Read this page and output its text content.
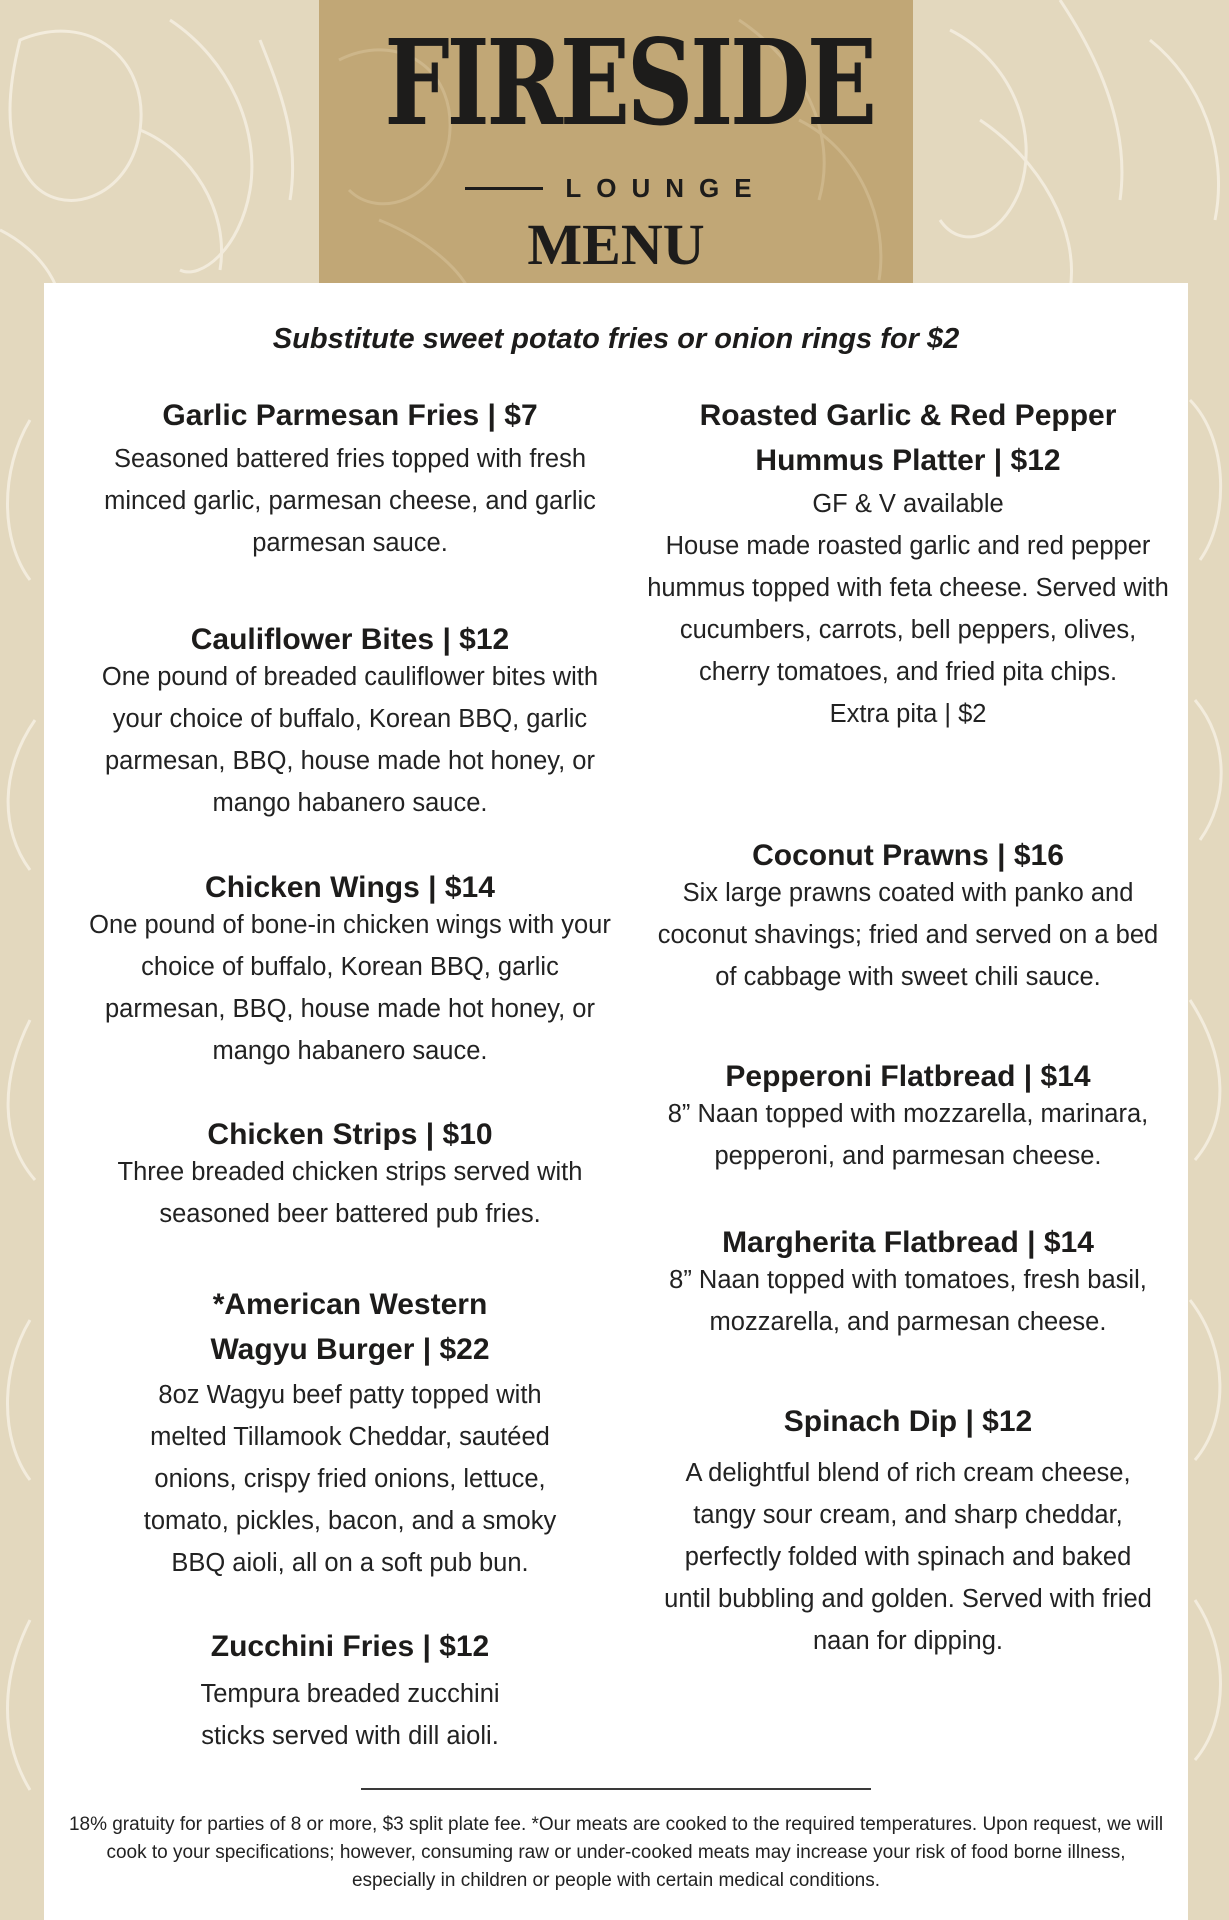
FIRESIDE
LOUNGE
MENU
Substitute sweet potato fries or onion rings for $2
Garlic Parmesan Fries | $7
Seasoned battered fries topped with fresh minced garlic, parmesan cheese, and garlic parmesan sauce.
Cauliflower Bites | $12
One pound of breaded cauliflower bites with your choice of buffalo, Korean BBQ, garlic parmesan, BBQ, house made hot honey, or mango habanero sauce.
Chicken Wings | $14
One pound of bone-in chicken wings with your choice of buffalo, Korean BBQ, garlic parmesan, BBQ, house made hot honey, or mango habanero sauce.
Chicken Strips | $10
Three breaded chicken strips served with seasoned beer battered pub fries.
*American Western Wagyu Burger | $22
8oz Wagyu beef patty topped with melted Tillamook Cheddar, sautéed onions, crispy fried onions, lettuce, tomato, pickles, bacon, and a smoky BBQ aioli, all on a soft pub bun.
Zucchini Fries | $12
Tempura breaded zucchini sticks served with dill aioli.
Roasted Garlic & Red Pepper Hummus Platter | $12
GF & V available
House made roasted garlic and red pepper hummus topped with feta cheese. Served with cucumbers, carrots, bell peppers, olives, cherry tomatoes, and fried pita chips.
Extra pita | $2
Coconut Prawns | $16
Six large prawns coated with panko and coconut shavings; fried and served on a bed of cabbage with sweet chili sauce.
Pepperoni Flatbread | $14
8” Naan topped with mozzarella, marinara, pepperoni, and parmesan cheese.
Margherita Flatbread | $14
8” Naan topped with tomatoes, fresh basil, mozzarella, and parmesan cheese.
Spinach Dip | $12
A delightful blend of rich cream cheese, tangy sour cream, and sharp cheddar, perfectly folded with spinach and baked until bubbling and golden. Served with fried naan for dipping.
18% gratuity for parties of 8 or more, $3 split plate fee. *Our meats are cooked to the required temperatures. Upon request, we will cook to your specifications; however, consuming raw or under-cooked meats may increase your risk of food borne illness, especially in children or people with certain medical conditions.
